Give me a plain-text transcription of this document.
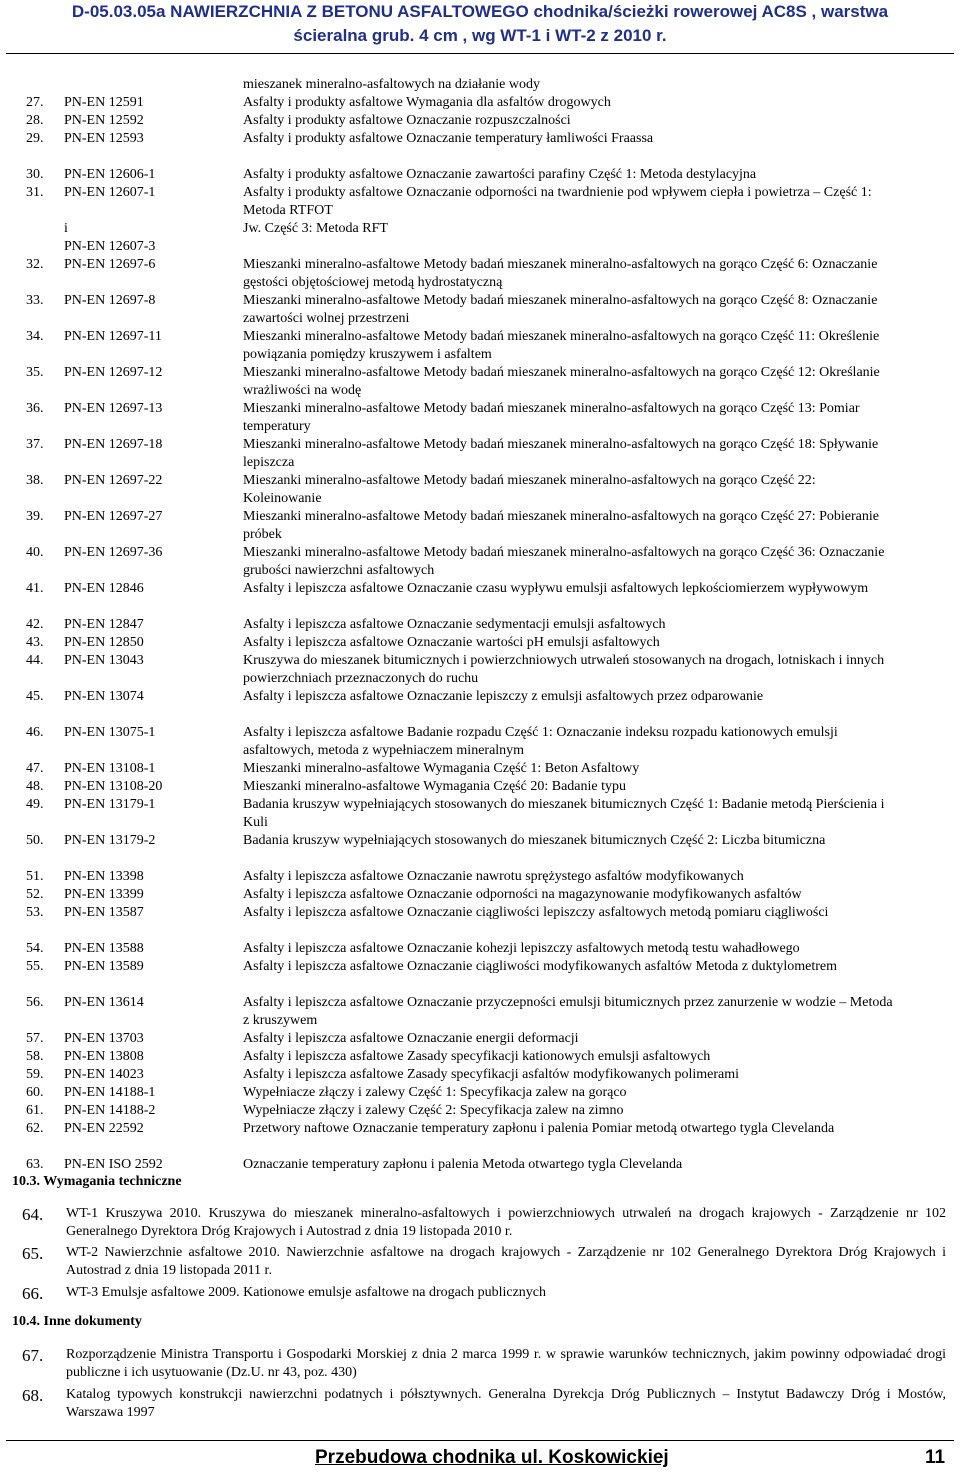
D-05.03.05a NAWIERZCHNIA Z BETONU ASFALTOWEGO chodnika/ścieżki rowerowej AC8S , warstwa
ścieralna grub. 4 cm , wg WT-1 i WT-2 z 2010 r.
mieszanek mineralno-asfaltowych na działanie wody
27. PN-EN 12591	Asfalty i produkty asfaltowe Wymagania dla asfaltów drogowych
28. PN-EN 12592	Asfalty i produkty asfaltowe Oznaczanie rozpuszczalności
29. PN-EN 12593	Asfalty i produkty asfaltowe Oznaczanie temperatury łamliwości Fraassa
30. PN-EN 12606-1	Asfalty i produkty asfaltowe Oznaczanie zawartości parafiny Część 1: Metoda destylacyjna
31. PN-EN 12607-1	Asfalty i produkty asfaltowe Oznaczanie odporności na twardnienie pod wpływem ciepła i powietrza – Część 1: Metoda RTFOT
i	Jw. Część 3: Metoda RFT
PN-EN 12607-3
32. PN-EN 12697-6	Mieszanki mineralno-asfaltowe Metody badań mieszanek mineralno-asfaltowych na gorąco Część 6: Oznaczanie gęstości objętościowej metodą hydrostatyczną
33. PN-EN 12697-8	Mieszanki mineralno-asfaltowe Metody badań mieszanek mineralno-asfaltowych na gorąco Część 8: Oznaczanie zawartości wolnej przestrzeni
34. PN-EN 12697-11	Mieszanki mineralno-asfaltowe Metody badań mieszanek mineralno-asfaltowych na gorąco Część 11: Określenie powiązania pomiędzy kruszywem i asfaltem
35. PN-EN 12697-12	Mieszanki mineralno-asfaltowe Metody badań mieszanek mineralno-asfaltowych na gorąco Część 12: Określanie wrażliwości na wodę
36. PN-EN 12697-13	Mieszanki mineralno-asfaltowe Metody badań mieszanek mineralno-asfaltowych na gorąco Część 13: Pomiar temperatury
37. PN-EN 12697-18	Mieszanki mineralno-asfaltowe Metody badań mieszanek mineralno-asfaltowych na gorąco Część 18: Spływanie lepiszcza
38. PN-EN 12697-22	Mieszanki mineralno-asfaltowe Metody badań mieszanek mineralno-asfaltowych na gorąco Część 22: Koleinowanie
39. PN-EN 12697-27	Mieszanki mineralno-asfaltowe Metody badań mieszanek mineralno-asfaltowych na gorąco Część 27: Pobieranie próbek
40. PN-EN 12697-36	Mieszanki mineralno-asfaltowe Metody badań mieszanek mineralno-asfaltowych na gorąco Część 36: Oznaczanie grubości nawierzchni asfaltowych
41. PN-EN 12846	Asfalty i lepiszcza asfaltowe Oznaczanie czasu wypływu emulsji asfaltowych lepkościomierzem wypływowym
42. PN-EN 12847	Asfalty i lepiszcza asfaltowe Oznaczanie sedymentacji emulsji asfaltowych
43. PN-EN 12850	Asfalty i lepiszcza asfaltowe Oznaczanie wartości pH emulsji asfaltowych
44. PN-EN 13043	Kruszywa do mieszanek bitumicznych i powierzchniowych utrwaleń stosowanych na drogach, lotniskach i innych powierzchniach przeznaczonych do ruchu
45. PN-EN 13074	Asfalty i lepiszcza asfaltowe Oznaczanie lepiszczy z emulsji asfaltowych przez odparowanie
46. PN-EN 13075-1	Asfalty i lepiszcza asfaltowe Badanie rozpadu Część 1: Oznaczanie indeksu rozpadu kationowych emulsji asfaltowych, metoda z wypełniaczem mineralnym
47. PN-EN 13108-1	Mieszanki mineralno-asfaltowe Wymagania Część 1: Beton Asfaltowy
48. PN-EN 13108-20	Mieszanki mineralno-asfaltowe Wymagania Część 20: Badanie typu
49. PN-EN 13179-1	Badania kruszyw wypełniających stosowanych do mieszanek bitumicznych Część 1: Badanie metodą Pierścienia i Kuli
50. PN-EN 13179-2	Badania kruszyw wypełniających stosowanych do mieszanek bitumicznych Część 2: Liczba bitumiczna
51. PN-EN 13398	Asfalty i lepiszcza asfaltowe Oznaczanie nawrotu sprężystego asfaltów modyfikowanych
52. PN-EN 13399	Asfalty i lepiszcza asfaltowe Oznaczanie odporności na magazynowanie modyfikowanych asfaltów
53. PN-EN 13587	Asfalty i lepiszcza asfaltowe Oznaczanie ciągliwości lepiszczy asfaltowych metodą pomiaru ciągliwości
54. PN-EN 13588	Asfalty i lepiszcza asfaltowe Oznaczanie kohezji lepiszczy asfaltowych metodą testu wahadłowego
55. PN-EN 13589	Asfalty i lepiszcza asfaltowe Oznaczanie ciągliwości modyfikowanych asfaltów Metoda z duktylometrem
56. PN-EN 13614	Asfalty i lepiszcza asfaltowe Oznaczanie przyczepności emulsji bitumicznych przez zanurzenie w wodzie – Metoda z kruszywem
57. PN-EN 13703	Asfalty i lepiszcza asfaltowe Oznaczanie energii deformacji
58. PN-EN 13808	Asfalty i lepiszcza asfaltowe Zasady specyfikacji kationowych emulsji asfaltowych
59. PN-EN 14023	Asfalty i lepiszcza asfaltowe Zasady specyfikacji asfaltów modyfikowanych polimerami
60. PN-EN 14188-1	Wypełniacze złączy i zalewy Część 1: Specyfikacja zalew na gorąco
61. PN-EN 14188-2	Wypełniacze złączy i zalewy Część 2: Specyfikacja zalew na zimno
62. PN-EN 22592	Przetwory naftowe Oznaczanie temperatury zapłonu i palenia Pomiar metodą otwartego tygla Clevelanda
63. PN-EN ISO 2592	Oznaczanie temperatury zapłonu i palenia Metoda otwartego tygla Clevelanda
10.3. Wymagania techniczne
64. WT-1 Kruszywa 2010. Kruszywa do mieszanek mineralno-asfaltowych i powierzchniowych utrwaleń na drogach krajowych - Zarządzenie nr 102 Generalnego Dyrektora Dróg Krajowych i Autostrad z dnia 19 listopada 2010 r.
65. WT-2 Nawierzchnie asfaltowe 2010. Nawierzchnie asfaltowe na drogach krajowych - Zarządzenie nr 102 Generalnego Dyrektora Dróg Krajowych i Autostrad z dnia 19 listopada 2011 r.
66. WT-3 Emulsje asfaltowe 2009. Kationowe emulsje asfaltowe na drogach publicznych
10.4. Inne dokumenty
67. Rozporządzenie Ministra Transportu i Gospodarki Morskiej z dnia 2 marca 1999 r. w sprawie warunków technicznych, jakim powinny odpowiadać drogi publiczne i ich usytuowanie (Dz.U. nr 43, poz. 430)
68. Katalog typowych konstrukcji nawierzchni podatnych i półsztywnych. Generalna Dyrekcja Dróg Publicznych – Instytut Badawczy Dróg i Mostów, Warszawa 1997
Przebudowa chodnika ul. Koskowickiej	11
